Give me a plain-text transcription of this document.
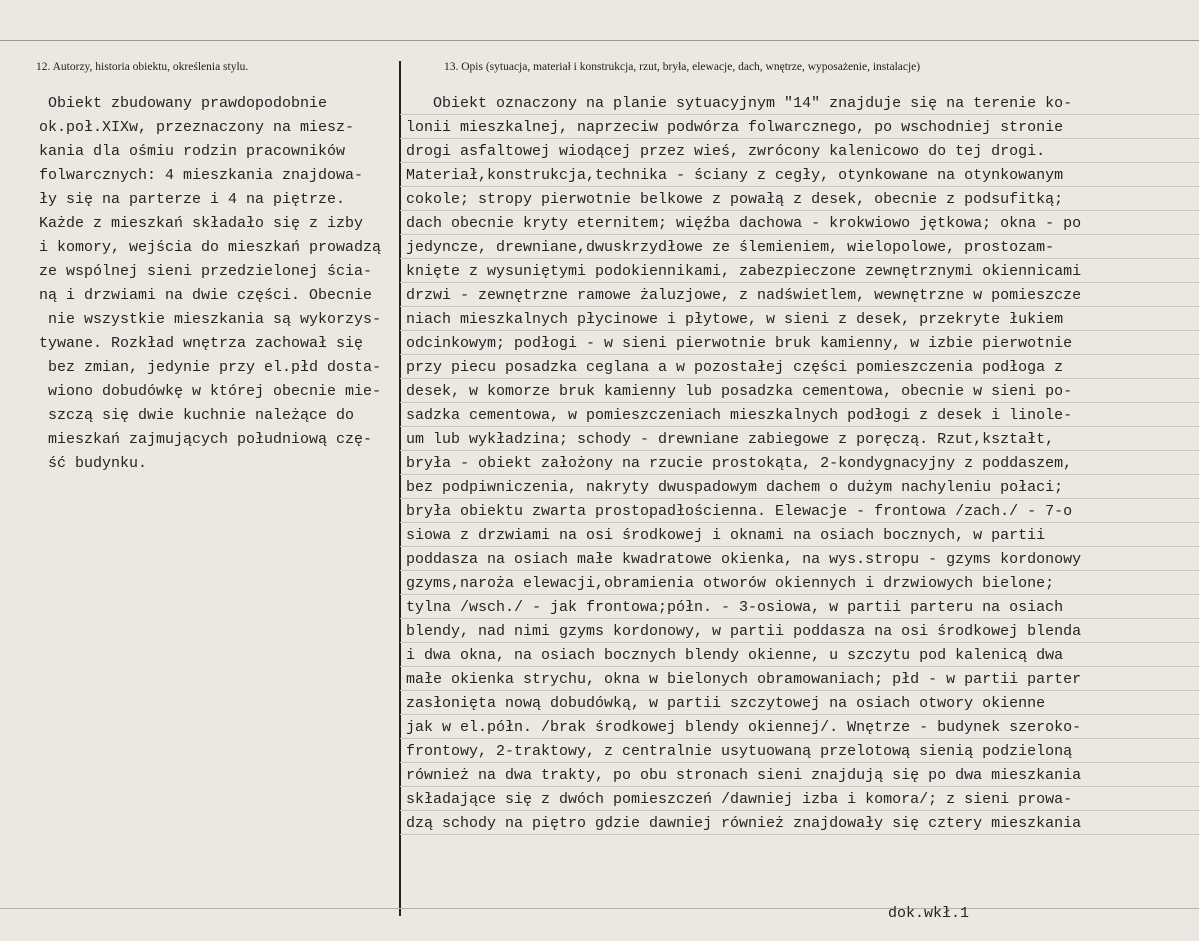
12. Autorzy, historia obiektu, określenia stylu.	13. Opis (sytuacja, materiał i konstrukcja, rzut, bryła, elewacje, dach, wnętrze, wyposażenie, instalacje)
Obiekt zbudowany prawdopodobnie
ok.poł.XIXw, przeznaczony na miesz-
kania dla ośmiu rodzin pracowników
folwarcznych: 4 mieszkania znajdowa-
ły się na parterze i 4 na piętrze.
Każde z mieszkań składało się z izby
i komory, wejścia do mieszkań prowadzą
ze wspólnej sieni przedzielonej ścia-
ną i drzwiami na dwie części. Obecnie
nie wszystkie mieszkania są wykorzys-
tywane. Rozkład wnętrza zachował się
bez zmian, jedynie przy el.płd dosta-
wiono dobudówkę w której obecnie mie-
szczą się dwie kuchnie należące do
mieszkań zajmujących południową czę-
ść budynku.
Obiekt oznaczony na planie sytuacyjnym "14" znajduje się na terenie ko-
lonii mieszkalnej, naprzeciw podwórza folwarcznego, po wschodniej stronie
drogi asfaltowej wiodącej przez wieś, zwrócony kalenicowo do tej drogi.
Materiał,konstrukcja,technika - ściany z cegły, otynkowane na otynkowanym
cokole; stropy pierwotnie belkowe z powałą z desek, obecnie z podsufitką;
dach obecnie kryty eternitem; więźba dachowa - krokwiowo jętkowa; okna - po
jedyncze, drewniane,dwuskrzydłowe ze ślemieniem, wielopolowe, prostozam-
knięte z wysuniętymi podokiennikami, zabezpieczone zewnętrznymi okiennicami
drzwi - zewnętrzne ramowe żaluzjowe, z nadświetlem, wewnętrzne w pomieszcze
niach mieszkalnych płycinowe i płytowe, w sieni z desek, przekryte łukiem
odcinkowym; podłogi - w sieni pierwotnie bruk kamienny, w izbie pierwotnie
przy piecu posadzka ceglana a w pozostałej części pomieszczenia podłoga z
desek, w komorze bruk kamienny lub posadzka cementowa, obecnie w sieni po-
sadzka cementowa, w pomieszczeniach mieszkalnych podłogi z desek i linole-
um lub wykładzina; schody - drewniane zabiegowe z poręczą. Rzut,kształt,
bryła - obiekt założony na rzucie prostokąta, 2-kondygnacyjny z poddaszem,
bez podpiwniczenia, nakryty dwuspadowym dachem o dużym nachyleniu połaci;
bryła obiektu zwarta prostopadłościenna. Elewacje - frontowa /zach./ - 7-o
siowa z drzwiami na osi środkowej i oknami na osiach bocznych, w partii
poddasza na osiach małe kwadratowe okienka, na wys.stropu - gzyms kordonowy
gzyms,naroża elewacji,obramienia otworów okiennych i drzwiowych bielone;
tylna /wsch./ - jak frontowa;półn. - 3-osiowa, w partii parteru na osiach
blendy, nad nimi gzyms kordonowy, w partii poddasza na osi środkowej blenda
i dwa okna, na osiach bocznych blendy okienne, u szczytu pod kalenicą dwa
małe okienka strychu, okna w bielonych obramowaniach; płd - w partii parter
zasłonięta nową dobudówką, w partii szczytowej na osiach otwory okienne
jak w el.półn. /brak środkowej blendy okiennej/. Wnętrze - budynek szeroko-
frontowy, 2-traktowy, z centralnie usytuowaną przelotową sienią podzieloną
również na dwa trakty, po obu stronach sieni znajdują się po dwa mieszkania
składające się z dwóch pomieszczeń /dawniej izba i komora/; z sieni prowa-
dzą schody na piętro gdzie dawniej również znajdowały się cztery mieszkania
dok.wkł.1
